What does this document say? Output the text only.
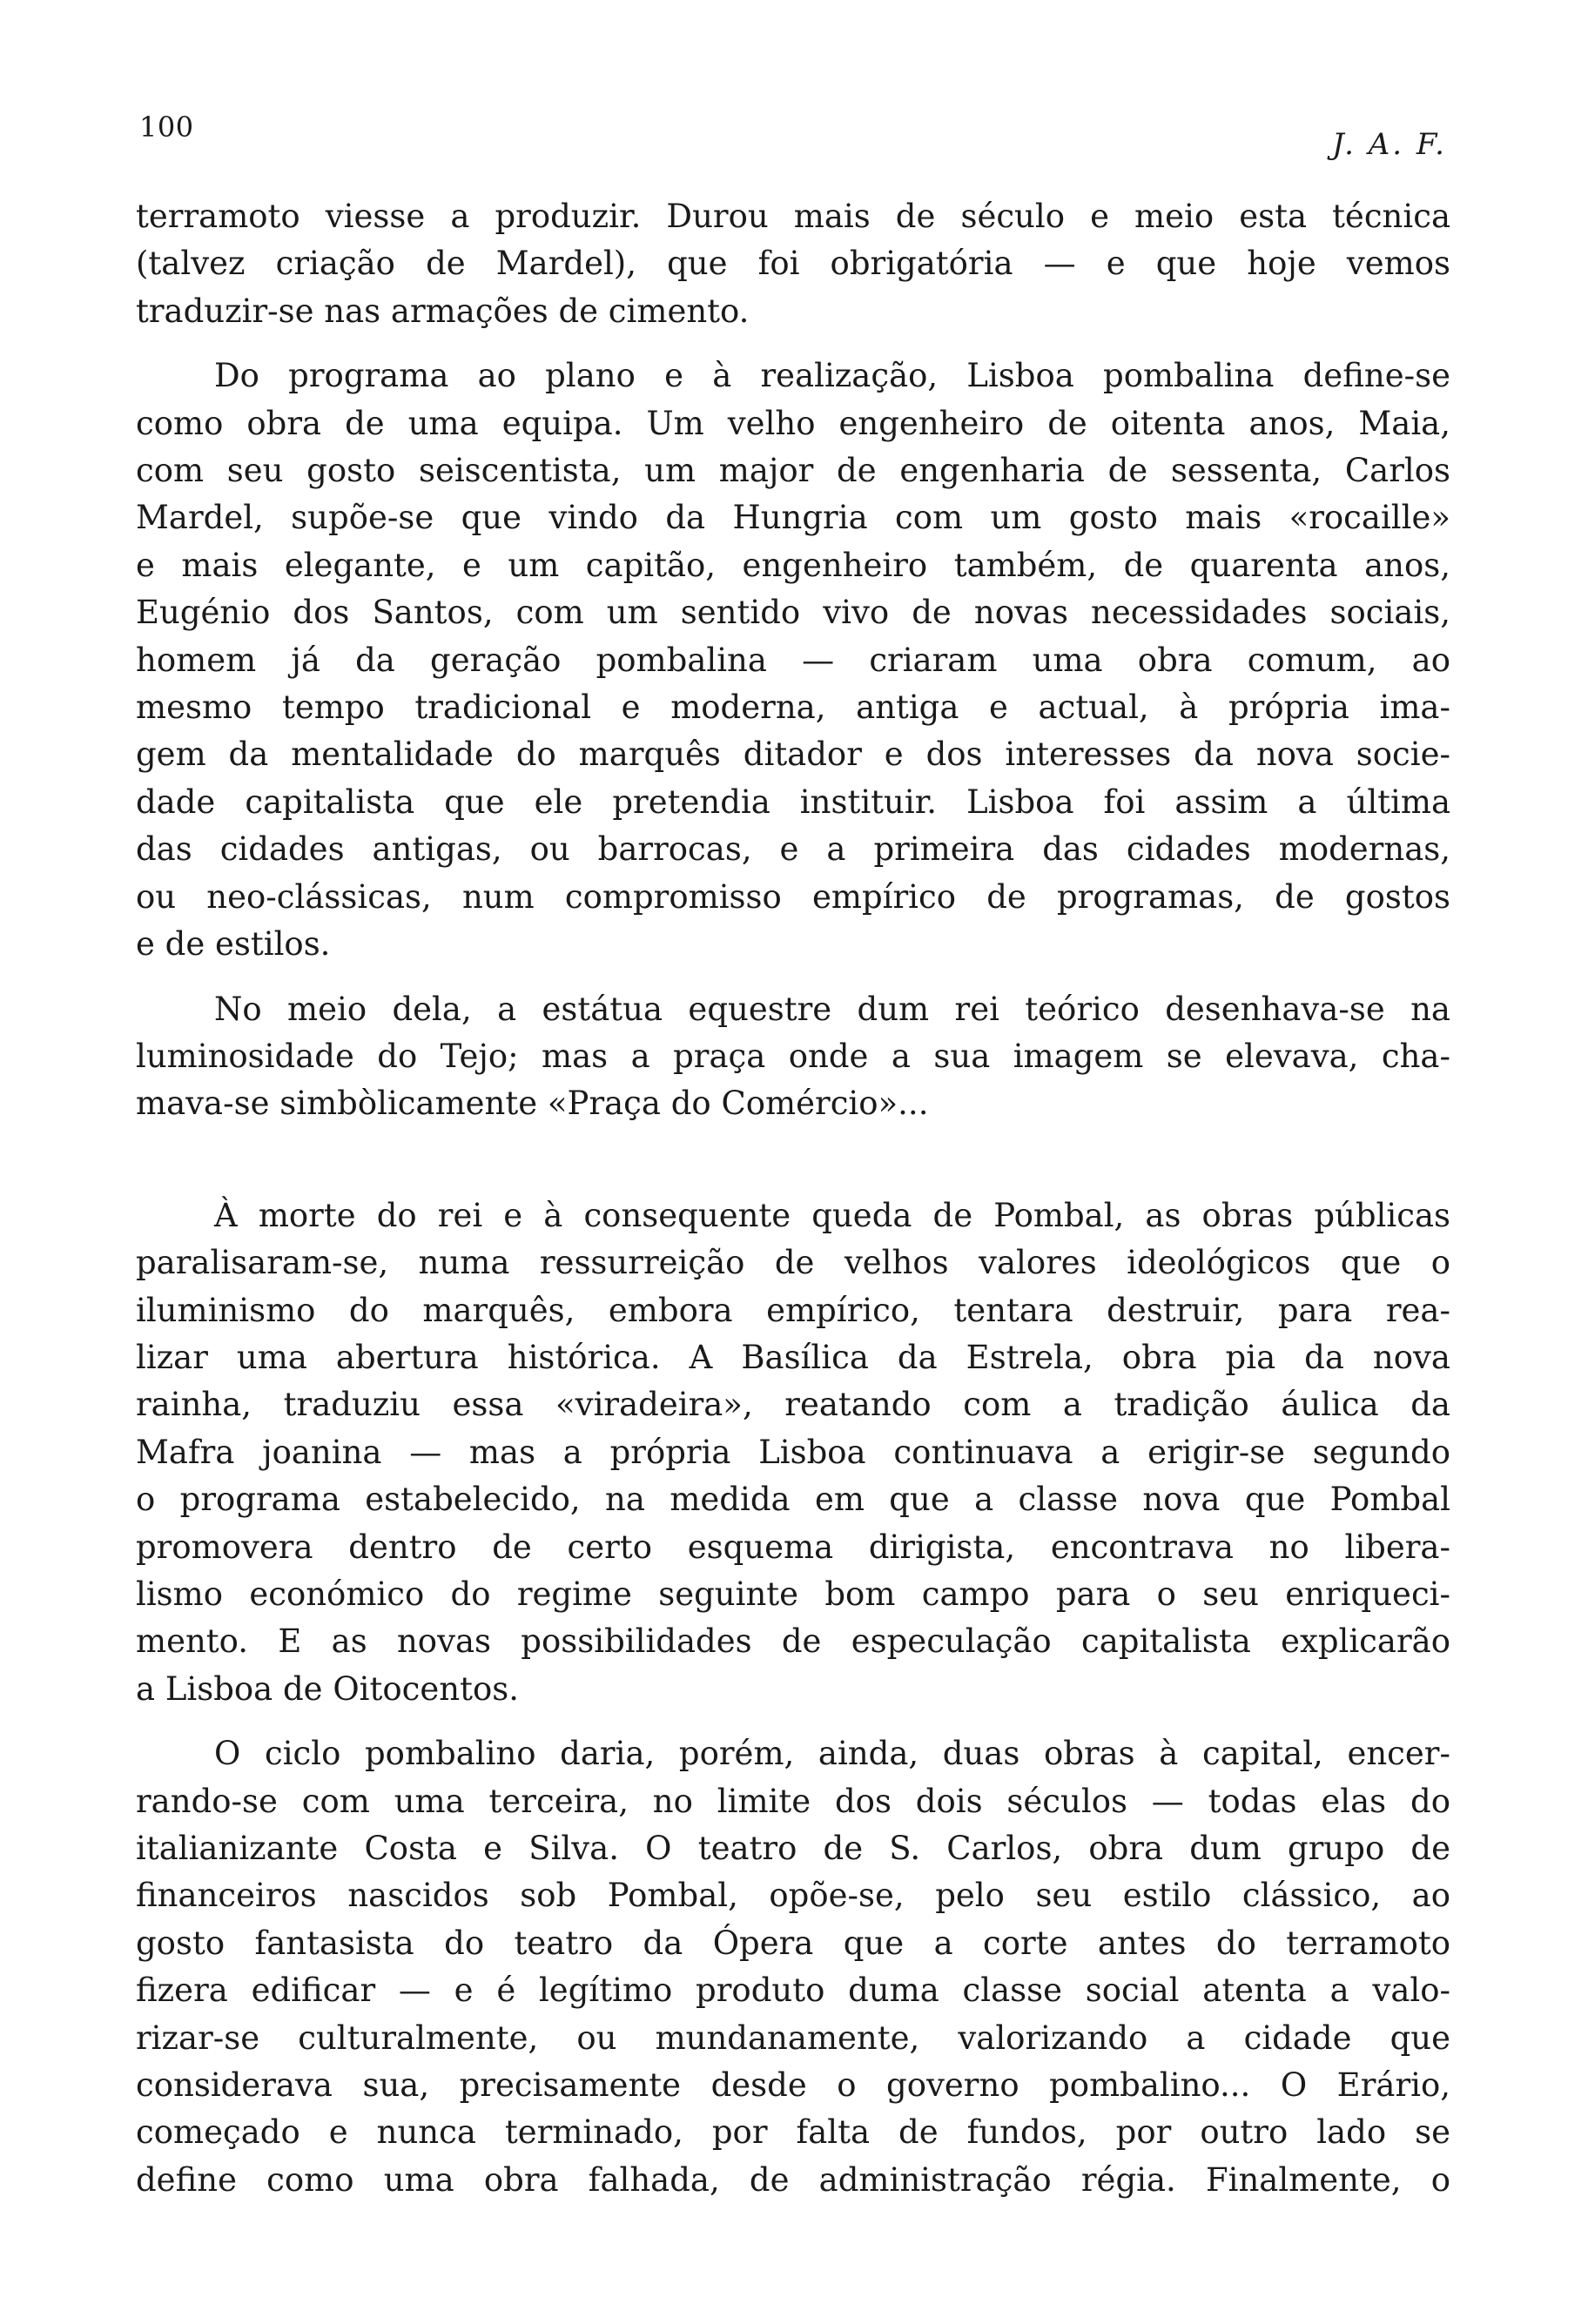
100	J. A. F.

terramoto viesse a produzir. Durou mais de século e meio esta técnica
(talvez criação de Mardel), que foi obrigatória — e que hoje vemos
traduzir-se nas armações de cimento.

Do programa ao plano e à realização, Lisboa pombalina define-se
como obra de uma equipa. Um velho engenheiro de oitenta anos, Maia,
com seu gosto seiscentista, um major de engenharia de sessenta, Carlos
Mardel, supõe-se que vindo da Hungria com um gosto mais «rocaille»
e mais elegante, e um capitão, engenheiro também, de quarenta anos,
Eugénio dos Santos, com um sentido vivo de novas necessidades sociais,
homem já da geração pombalina — criaram uma obra comum, ao
mesmo tempo tradicional e moderna, antiga e actual, à própria ima-
gem da mentalidade do marquês ditador e dos interesses da nova socie-
dade capitalista que ele pretendia instituir. Lisboa foi assim a última
das cidades antigas, ou barrocas, e a primeira das cidades modernas,
ou neo-clássicas, num compromisso empírico de programas, de gostos
e de estilos.

No meio dela, a estátua equestre dum rei teórico desenhava-se na
luminosidade do Tejo; mas a praça onde a sua imagem se elevava, cha-
mava-se simbòlicamente «Praça do Comércio»...

À morte do rei e à consequente queda de Pombal, as obras públicas
paralisaram-se, numa ressurreição de velhos valores ideológicos que o
iluminismo do marquês, embora empírico, tentara destruir, para rea-
lizar uma abertura histórica. A Basílica da Estrela, obra pia da nova
rainha, traduziu essa «viradeira», reatando com a tradição áulica da
Mafra joanina — mas a própria Lisboa continuava a erigir-se segundo
o programa estabelecido, na medida em que a classe nova que Pombal
promovera dentro de certo esquema dirigista, encontrava no libera-
lismo económico do regime seguinte bom campo para o seu enriqueci-
mento. E as novas possibilidades de especulação capitalista explicarão
a Lisboa de Oitocentos.

O ciclo pombalino daria, porém, ainda, duas obras à capital, encer-
rando-se com uma terceira, no limite dos dois séculos — todas elas do
italianizante Costa e Silva. O teatro de S. Carlos, obra dum grupo de
financeiros nascidos sob Pombal, opõe-se, pelo seu estilo clássico, ao
gosto fantasista do teatro da Ópera que a corte antes do terramoto
fizera edificar — e é legítimo produto duma classe social atenta a valo-
rizar-se culturalmente, ou mundanamente, valorizando a cidade que
considerava sua, precisamente desde o governo pombalino... O Erário,
começado e nunca terminado, por falta de fundos, por outro lado se
define como uma obra falhada, de administração régia. Finalmente, o
